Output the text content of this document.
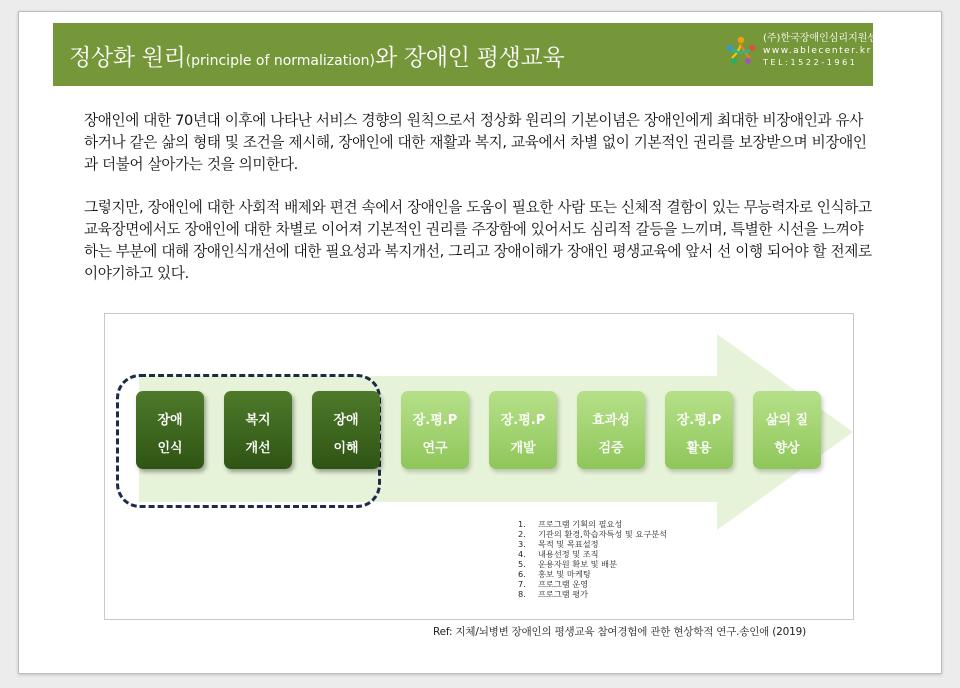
정상화 원리(principle of normalization)와 장애인 평생교육
(주)한국장애인심리지원센터
www.ablecenter.kr
TEL:1522-1961
장애인에 대한 70년대 이후에 나타난 서비스 경향의 원칙으로서 정상화 원리의 기본이념은 장애인에게 최대한 비장애인과 유사하거나 같은 삶의 형태 및 조건을 제시해, 장애인에 대한 재활과 복지, 교육에서 차별 없이 기본적인 권리를 보장받으며 비장애인과 더불어 살아가는 것을 의미한다.
그렇지만, 장애인에 대한 사회적 배제와 편견 속에서 장애인을 도움이 필요한 사람 또는 신체적 결함이 있는 무능력자로 인식하고 교육장면에서도 장애인에 대한 차별로 이어져 기본적인 권리를 주장함에 있어서도 심리적 갈등을 느끼며, 특별한 시선을 느껴야 하는 부분에 대해 장애인식개선에 대한 필요성과 복지개선, 그리고 장애이해가 장애인 평생교육에 앞서 선 이행 되어야 할 전제로 이야기하고 있다.
장애
인식
복지
개선
장애
이해
장.평.P
연구
장.평.P
개발
효과성
검증
장.평.P
활용
삶의 질
향상
1. 프로그램 기획의 필요성
2. 기관의 환경,학습자특성 및 요구분석
3. 목적 및 목표설정
4. 내용선정 및 조직
5. 운용자원 확보 및 배분
6. 홍보 및 마케팅
7. 프로그램 운영
8. 프로그램 평가
Ref: 지체/뇌병변 장애인의 평생교육 참여경험에 관한 현상학적 연구.송인애 (2019)
